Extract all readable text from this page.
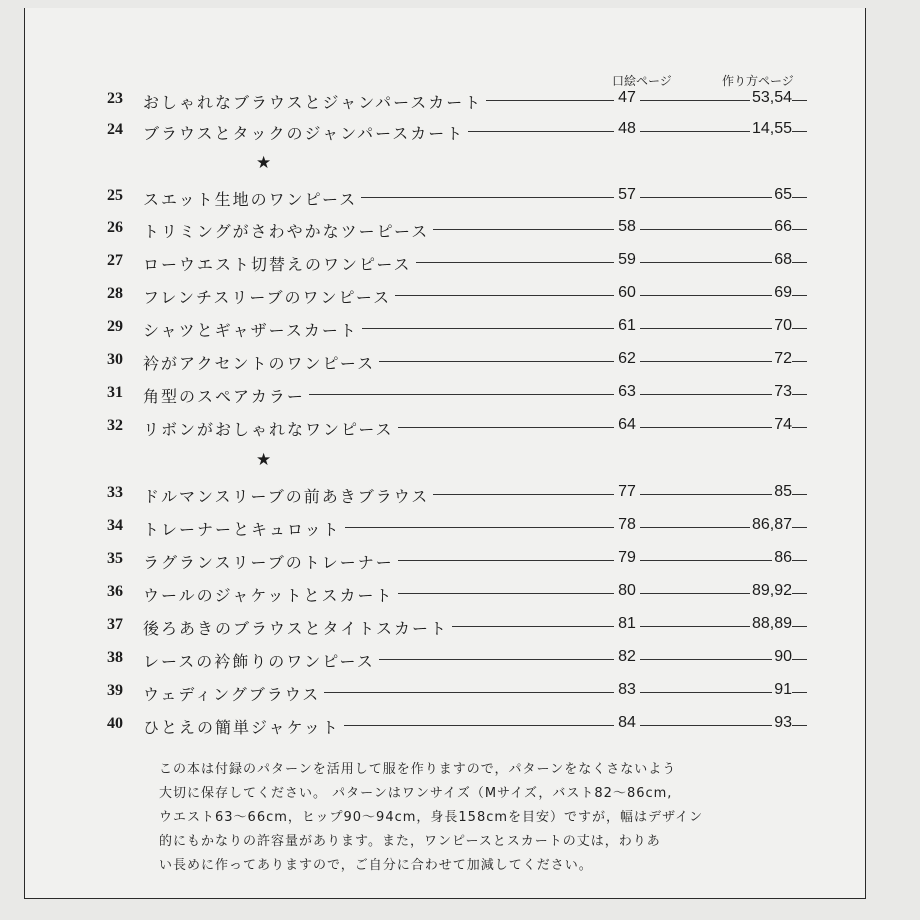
口絵ページ	作り方ページ
23 おしゃれなブラウスとジャンパースカート	47	53,54
24 ブラウスとタックのジャンパースカート	48	14,55
★
25 スエット生地のワンピース	57	65
26 トリミングがさわやかなツーピース	58	66
27 ローウエスト切替えのワンピース	59	68
28 フレンチスリーブのワンピース	60	69
29 シャツとギャザースカート	61	70
30 衿がアクセントのワンピース	62	72
31 角型のスペアカラー	63	73
32 リボンがおしゃれなワンピース	64	74
★
33 ドルマンスリーブの前あきブラウス	77	85
34 トレーナーとキュロット	78	86,87
35 ラグランスリーブのトレーナー	79	86
36 ウールのジャケットとスカート	80	89,92
37 後ろあきのブラウスとタイトスカート	81	88,89
38 レースの衿飾りのワンピース	82	90
39 ウェディングブラウス	83	91
40 ひとえの簡単ジャケット	84	93
この本は付録のパターンを活用して服を作りますので，パターンをなくさないよう
大切に保存してください。 パターンはワンサイズ（Mサイズ，バスト82～86cm,
ウエスト63～66cm，ヒップ90～94cm，身長158cmを目安）ですが，幅はデザイン
的にもかなりの許容量があります。また，ワンピースとスカートの丈は，わりあ
い長めに作ってありますので，ご自分に合わせて加減してください。
